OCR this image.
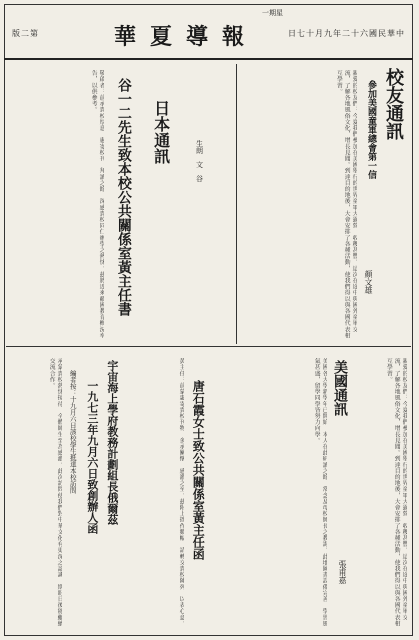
華夏導報
版二第	日七十月九年二十六國民華中
一期星
校友通訊
參加美國童軍總會第一信
顏文雄
親愛的校友們：今夏我們參加在美國舉行的世界童軍大露營，收穫甚豐。這次在途中與國外童軍交流，了解各地風俗文化，增長見聞。到達目的地後，大會安排了各種活動，使我們得以與各國代表相互學習。
日本通訊
谷一二先生致本校公共關係室黃主任書	生朗　文　谷
敬啟者：前承貴校厚意，惠寄校刊，拜讀之餘，深感貴校同仁辦學之熱忱。茲將近來敝國教育概況奉告，以供參考。
美國通訊
張甫嘉
美國各大學新學年已開始，本人在此研讀之餘，常念及母校師長之教誨。此地圖書設備完善，學習風氣甚盛，留學同學皆努力向學。	親愛的校友們：今夏我們參加在美國舉行的世界童軍大露營，收穫甚豐。這次在途中與國外童軍交流，了解各地風俗文化，增長見聞。到達目的地後，大會安排了各種活動，使我們得以與各國代表相互學習。
唐石霞女士致公共關係室黃主任函
黃主任：前蒙惠寄貴校刊物，多承關懷，感激之至。茲附上拙作數幅，請轉交貴校陳列，以表心意。
宇宙海上學府教務計劃組長俄爾茲
一九七三年九月六日致創辦人函
編者按：十九月六日該校學生抵達本校訪問
承蒙貴校熱忱接待，全體師生至為感激。此次訪問使我們對中華文化有更深之認識，期盼日後能繼續交流合作。
